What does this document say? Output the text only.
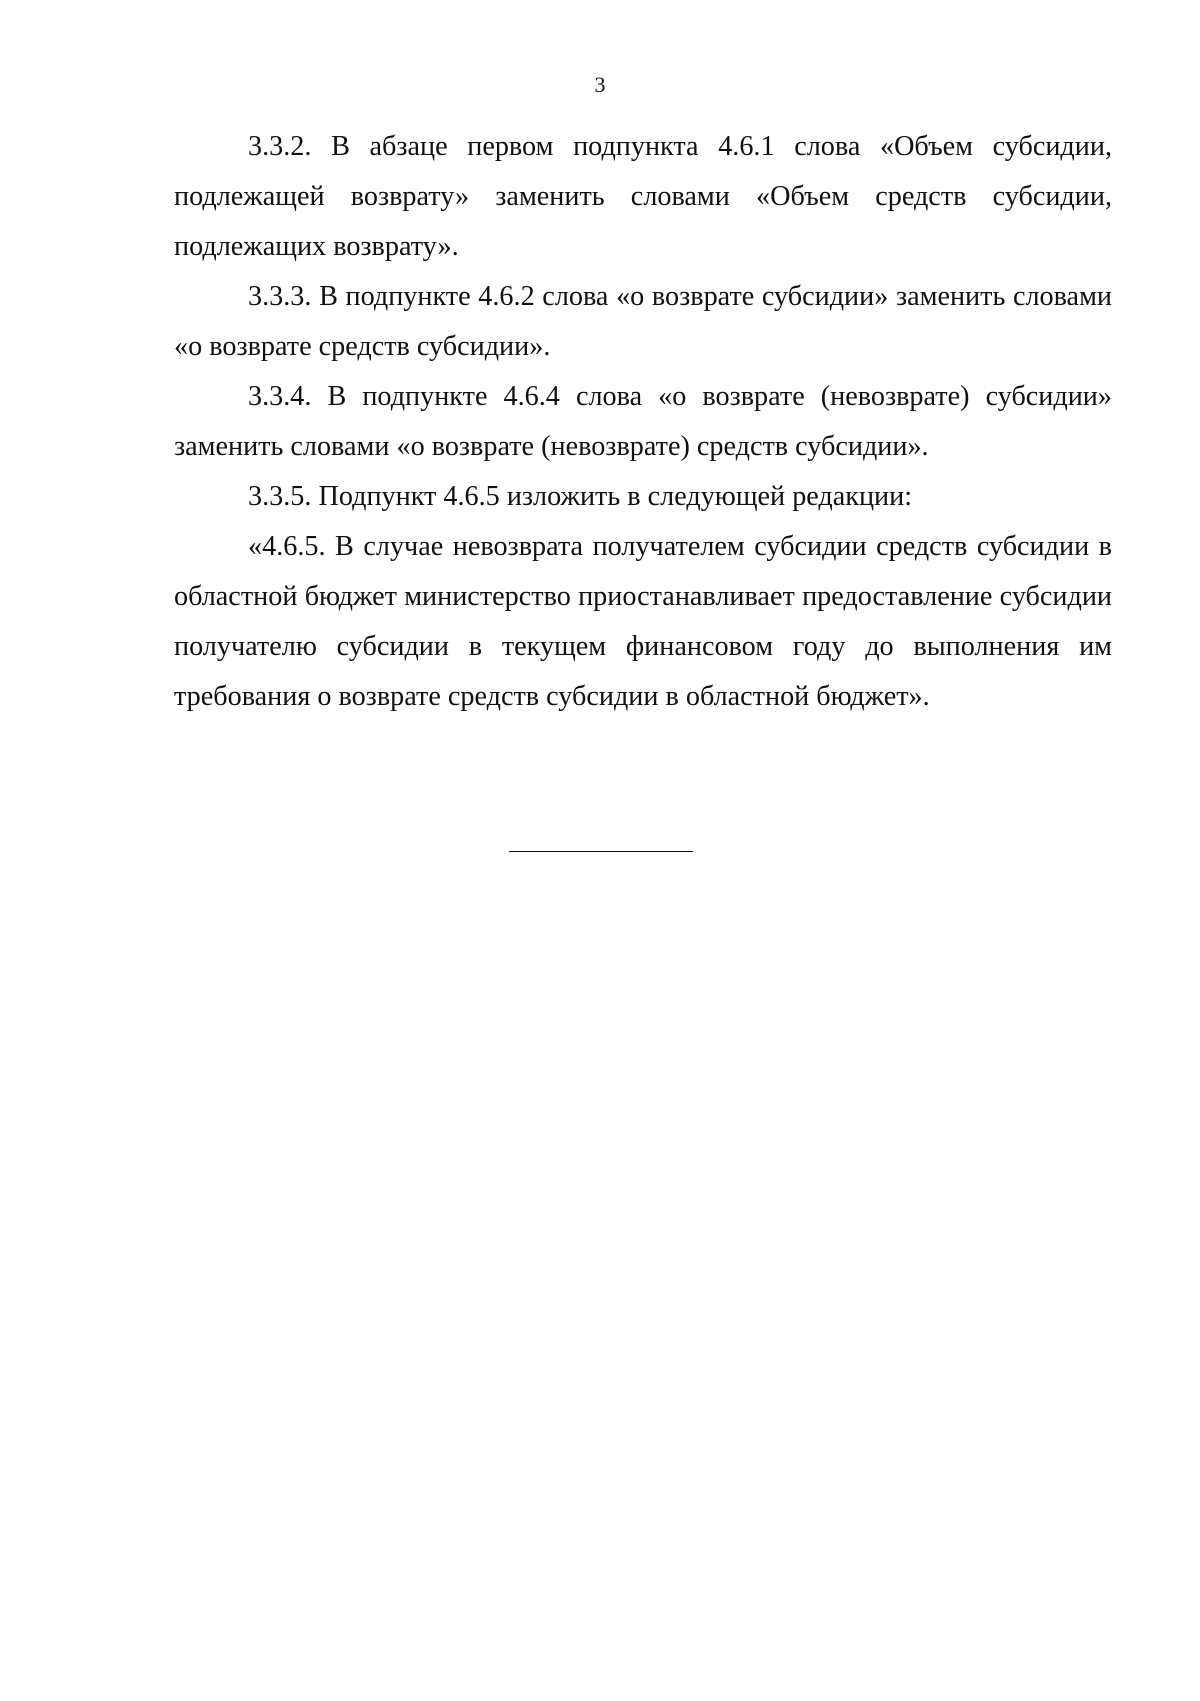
3

3.3.2. В абзаце первом подпункта 4.6.1 слова «Объем субсидии, подлежащей возврату» заменить словами «Объем средств субсидии, подлежащих возврату».

3.3.3. В подпункте 4.6.2 слова «о возврате субсидии» заменить словами «о возврате средств субсидии».

3.3.4. В подпункте 4.6.4 слова «о возврате (невозврате) субсидии» заменить словами «о возврате (невозврате) средств субсидии».

3.3.5. Подпункт 4.6.5 изложить в следующей редакции:

«4.6.5. В случае невозврата получателем субсидии средств субсидии в областной бюджет министерство приостанавливает предоставление субсидии получателю субсидии в текущем финансовом году до выполнения им требования о возврате средств субсидии в областной бюджет».
